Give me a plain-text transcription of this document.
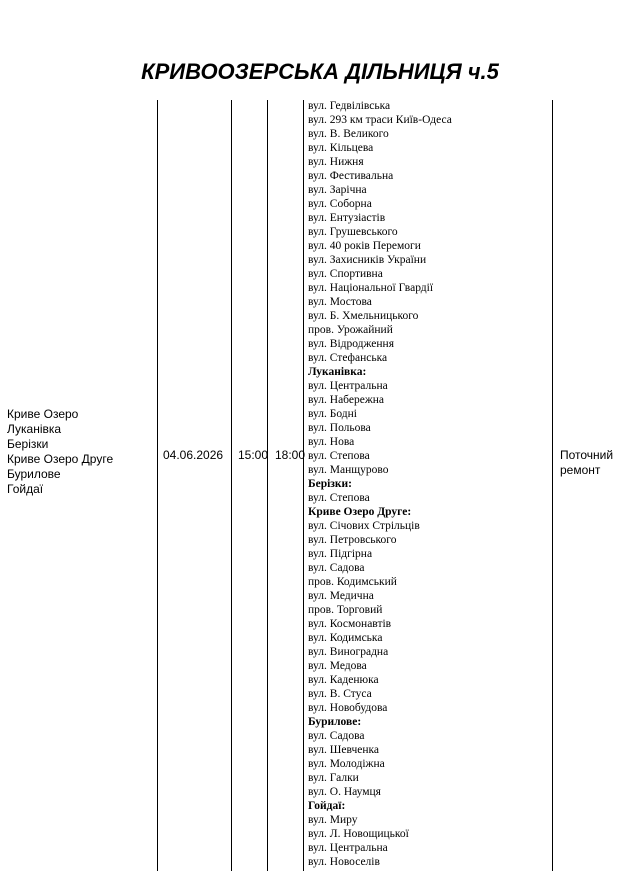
КРИВООЗЕРСЬКА ДІЛЬНИЦЯ ч.5
Криве Озеро
Луканівка
Берізки
Криве Озеро Друге
Бурилове
Гойдаї
04.06.2026 15:00 18:00	Поточний
ремонт
вул. Гедвілівська
вул. 293 км траси Київ-Одеса
вул. В. Великого
вул. Кільцева
вул. Нижня
вул. Фестивальна
вул. Зарічна
вул. Соборна
вул. Ентузіастів
вул. Грушевського
вул. 40 років Перемоги
вул. Захисників України
вул. Спортивна
вул. Національної Гвардії
вул. Мостова
вул. Б. Хмельницького
пров. Урожайний
вул. Відродження
вул. Стефанська
Луканівка:
вул. Центральна
вул. Набережна
вул. Бодні
вул. Польова
вул. Нова
вул. Степова
вул. Манщурово
Берізки:
вул. Степова
Криве Озеро Друге:
вул. Січових Стрільців
вул. Петровського
вул. Підгірна
вул. Садова
пров. Кодимський
вул. Медична
пров. Торговий
вул. Космонавтів
вул. Кодимська
вул. Виноградна
вул. Медова
вул. Каденюка
вул. В. Стуса
вул. Новобудова
Бурилове:
вул. Садова
вул. Шевченка
вул. Молодіжна
вул. Галки
вул. О. Наумця
Гойдаї:
вул. Миру
вул. Л. Новощицької
вул. Центральна
вул. Новоселів
